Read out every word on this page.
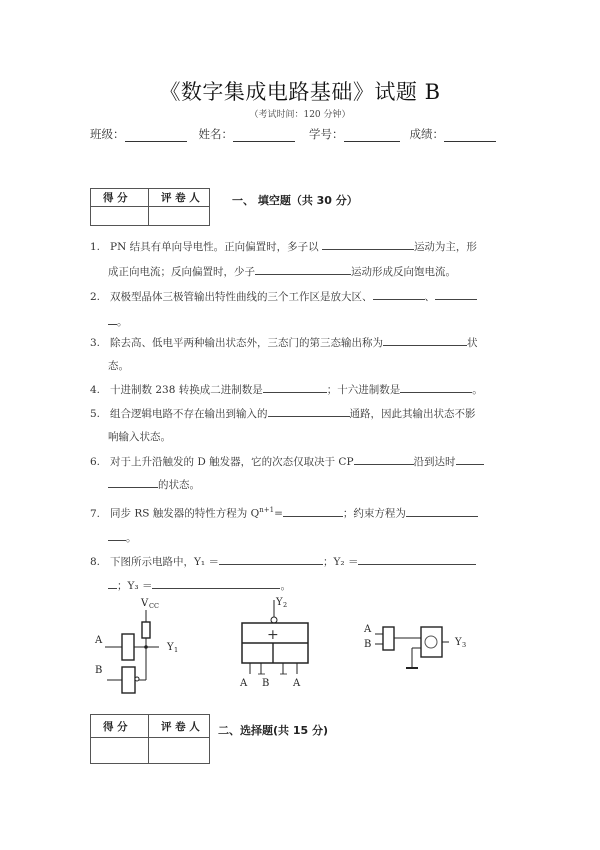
《数字集成电路基础》试题 B
（考试时间：120 分钟）
班级：	姓名：	学号：	成绩：
得 分	评 卷 人
		一、 填空题（共 30 分）
1. PN 结具有单向导电性。正向偏置时，多子以	运动为主，形
成正向电流；反向偏置时，少子	运动形成反向饱电流。
2. 双极型晶体三极管输出特性曲线的三个工作区是放大区、	、
。
3. 除去高、低电平两种输出状态外，三态门的第三态输出称为	状
态。
4. 十进制数 238 转换成二进制数是	；十六进制数是	。
5. 组合逻辑电路不存在输出到输入的	通路，因此其输出状态不影
响输入状态。
6. 对于上升沿触发的 D 触发器，它的次态仅取决于 CP	沿到达时
的状态。
7. 同步 RS 触发器的特性方程为 $Q^{n+1}=$	；约束方程为
。
8. 下图所示电路中，Y₁ ＝	；Y₂ ＝
；Y₃ ＝	。
V CC
A
Y 1
B
Y 2
+
A B A
A
B	Y 3
得 分	评 卷 人
	二、选择题(共 15 分)
